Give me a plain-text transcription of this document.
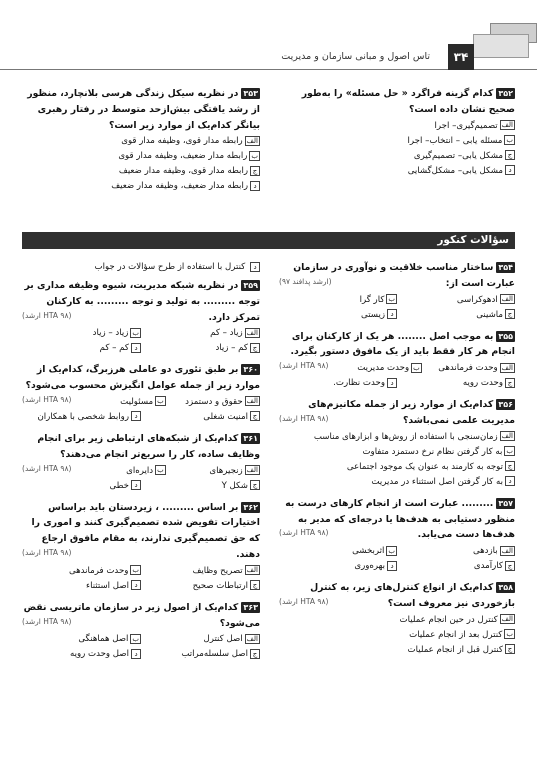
۳۴
تاس اصول و مبانی سازمان و مدیریت
۳۵۲کدام گزینه فراگرد « حل مسئله» را به‌طور صحیح نشان داده است؟
الفتصمیم‌گیری– اجرا
بمسئله یابی – انتخاب– اجرا
جمشکل یابی– تصمیم‌گیری
دمشکل یابی– مشکل‌گشایی
۳۵۳در نظریه سیکل زندگی هرسی بلانچارد، منظور از رشد یافتگی بیش‌ازحد متوسط در رفتار رهبری بیانگر کدام‌یک از موارد زیر است؟
الفرابطه مدار قوی، وظیفه مدار قوی
برابطه مدار ضعیف، وظیفه مدار قوی
جرابطه مدار قوی، وظیفه مدار ضعیف
درابطه مدار ضعیف، وظیفه مدار ضعیف
سؤالات کنکور
۳۵۴ساختار مناسب خلاقیت و نوآوری در سازمان عبارت است از:
(ارشد پدافند ۹۷)
الفادهوکراسی
بکار گرا
جماشینی
دزیستی
۳۵۵به موجب اصل ........ هر یک از کارکنان برای انجام هر کار فقط باید از یک مافوق دستور بگیرد.
(ارشد HTA ۹۸)	الفوحدت فرماندهی
بوحدت مدیریت
جوحدت رویه
دوحدت نظارت.
۳۵۶کدام‌یک از موارد زیر از جمله مکانیزم‌های مدیریت علمی نمی‌باشد؟
(ارشد HTA ۹۸)
الفزمان‌سنجی با استفاده از روش‌ها و ابزارهای مناسب
ببه کار گرفتن نظام نرخ دستمزد متفاوت
جتوجه به کارمند به عنوان یک موجود اجتماعی
دبه کار گرفتن اصل استثناء در مدیریت
۳۵۷......... عبارت است از انجام کارهای درست به منظور دستیابی به هدف‌ها یا درجه‌ای که مدیر به هدف‌ها دست می‌یابد.
(ارشد HTA ۹۸)
الفبازدهی
باثربخشی
جکارآمدی
دبهره‌وری
۳۵۸کدام‌یک از انواع کنترل‌های زیر، به کنترل بازخوردی نیز معروف است؟
(ارشد HTA ۹۸)
الفکنترل در حین انجام عملیات
بکنترل بعد از انجام عملیات
جکنترل قبل از انجام عملیات
د کنترل با استفاده از طرح سؤالات در جواب
۳۵۹در نظریه شبکه مدیریت، شیوه وظیفه مداری بر توجه ......... به تولید و توجه ......... به کارکنان تمرکز دارد.
(ارشد HTA ۹۸)
الفزیاد – کم
بزیاد – زیاد
جکم – زیاد
دکم – کم
۳۶۰بر طبق تئوری دو عاملی هرزبرگ، کدام‌یک از موارد زیر از جمله عوامل انگیزش محسوب می‌شود؟
(ارشد HTA ۹۸)	الفحقوق و دستمزد
بمسئولیت
جامنیت شغلی
دروابط شخصی با همکاران
۳۶۱کدام‌یک از شبکه‌های ارتباطی زیر برای انجام وظایف ساده، کار را سریع‌تر انجام می‌دهند؟
(ارشد HTA ۹۸)	الفزنجیرهای
بدایره‌ای
جشکل Y
دخطی
۳۶۲بر اساس ......... ، زیردستان باید براساس اختیارات تفویض شده تصمیم‌گیری کنند و اموری را که حق تصمیم‌گیری ندارند، به مقام مافوق ارجاع دهند.
(ارشد HTA ۹۸)
الفتصریح وظایف
بوحدت فرماندهی
جارتباطات صحیح
داصل استثناء
۳۶۳کدام‌یک از اصول زیر در سازمان ماتریسی نقض می‌شود؟
(ارشد HTA ۹۸)
الفاصل کنترل
باصل هماهنگی
جاصل سلسله‌مراتب
داصل وحدت رویه
